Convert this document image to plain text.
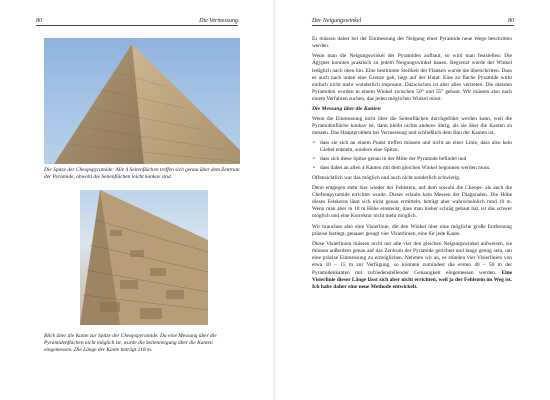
80	Die Vermessung
Die Spitze der Cheopspyramide: Alle 4 Seitenflächen treffen sich genau über dem Zentrum der Pyramide, obwohl die Seitenflächen leicht konkav sind.
Blick über die Kante zur Spitze der Cheopspyramide. Da eine Messung über die Pyramidenflächen nicht möglich ist, wurde die Seitenneigung über die Kanten eingemessen. Die Länge der Kante beträgt 218 m.
Der Neigungswinkel	80

Es müssen daher bei der Einmessung der Neigung einer Pyramide neue Wege beschritten werden.

Wenn man die Neigungswinkel der Pyramiden aufbaut, so wird man feststellen: Die Ägypter konnten praktisch zu jedem Neigungswinkel bauen. Begrenzt wurde der Winkel lediglich nach oben hin. Eine bestimmte Steilheit der Flanken wurde nie überschritten. Dass es auch nach unten eine Grenze gab, liegt auf der Hand. Eine zu flache Pyramide wirkt einfach nicht mehr wunderlich imposant. Dazwischen ist aber alles vertreten. Die meisten Pyramiden wurden in einem Winkel zwischen 50° und 55° gebaut. Wir müssen also nach einem Verfahren suchen, das jeden möglichen Winkel misst.

Die Messung über die Kanten

Wenn die Einmessung nicht über die Seitenflächen durchgeführt werden kann, weil die Pyramidenfläche konkav ist, dann bleibt nichts anderes übrig, als sie über die Kanten zu messen. Das Hauptproblem bei Vermessung und schließlich dem Bau der Kanten ist,

• dass sie sich an einem Punkt treffen müssen und nicht an einer Linie, dass also kein Giebel entsteht, sondern eine Spitze,
• dass sich diese Spitze genau in der Mitte der Pyramide befindet und
• dass dabei an allen 4 Kanten mit dem gleichen Winkel begonnen werden muss.

Offensichtlich war das möglich und auch nicht sonderlich schwierig.

Denn entgegen steht hier wieder der Fehlstein, auf dem sowohl die Cheops- als auch die Chefrenpyramide errichtet wurde. Dieser erlaubt kein Messen der Diagonalen. Die Höhe dieses Felskerns lässt sich nicht genau ermitteln, beträgt aber wahrscheinlich rund 10 m. Wenn man aber in 10 m Höhe einsteckt, dass man bisher schräg gebaut hat, ist das schwer möglich und eine Korrektur nicht mehr möglich.

Wir brauchen also eine Visierlinie, die den Winkel über eine mögliche große Entfernung präzise festlegt, genauer gesagt vier Visierlinien, eine für jede Kante.

Diese Visierlinien müssen nicht nur alle vier den gleichen Neigungswinkel aufweisen, sie müssen außerdem genau auf das Zentrum der Pyramide gerichtet und lange genug sein, um eine präzise Einmessung zu ermöglichen. Nehmen wir an, es stünden vier Visierlinien von etwa 10 – 15 m zur Verfügung, so könnten zumindest die ersten 40 – 50 m der Pyramidenkanten mit zufriedenstellender Genauigkeit eingemessen werden. Eine Visierlinie dieser Länge lässt sich aber nicht errichten, weil ja der Fehlstein im Weg ist. Ich habe daher eine neue Methode entwickelt.
